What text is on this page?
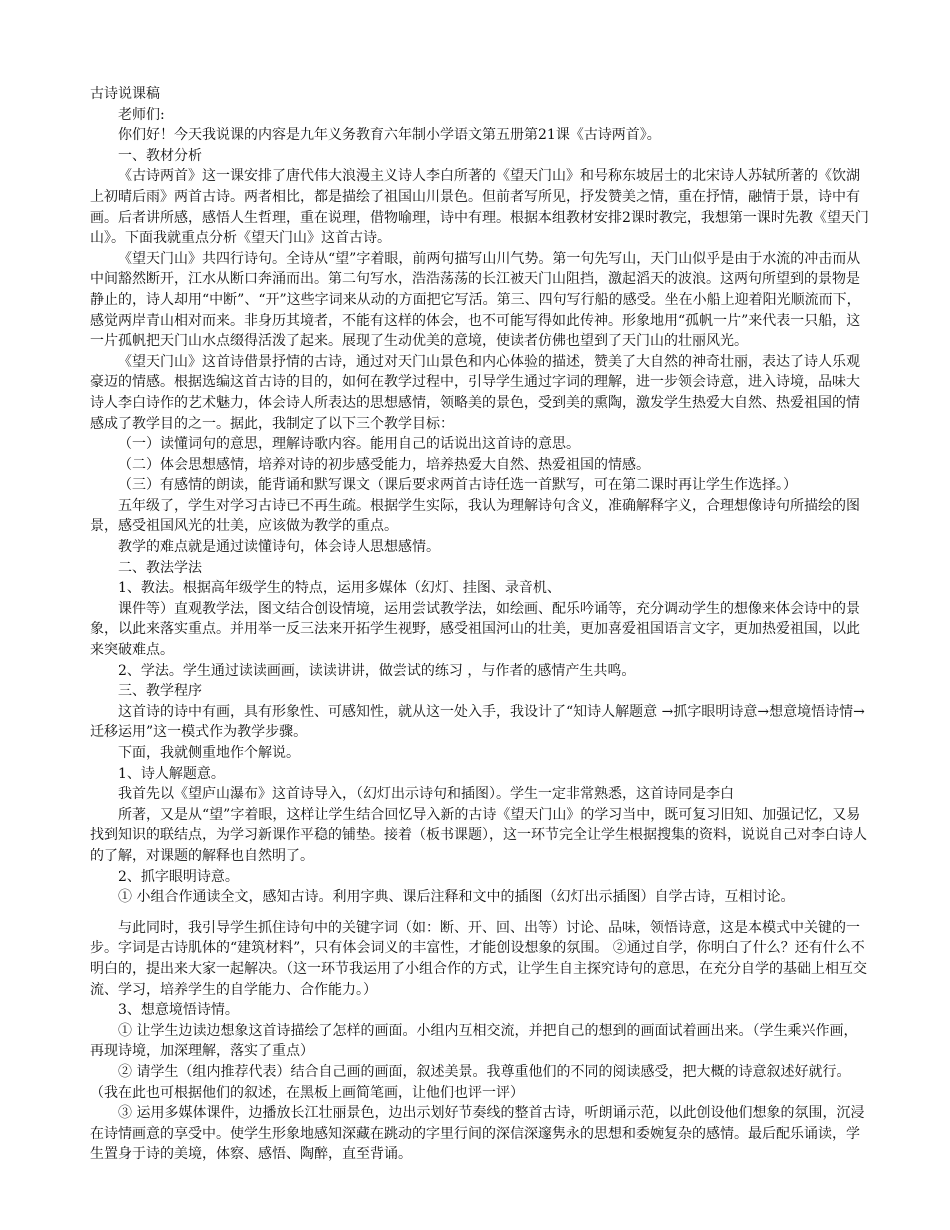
古诗说课稿

老师们:

你们好！今天我说课的内容是九年义务教育六年制小学语文第五册第21课《古诗两首》。

一、教材分析

《古诗两首》这一课安排了唐代伟大浪漫主义诗人李白所著的《望天门山》和号称东坡居士的北宋诗人苏轼所著的《饮湖上初晴后雨》两首古诗。两者相比，都是描绘了祖国山川景色。但前者写所见，抒发赞美之情，重在抒情，融情于景，诗中有画。后者讲所感，感悟人生哲理，重在说理，借物喻理，诗中有理。根据本组教材安排2课时教完，我想第一课时先教《望天门山》。下面我就重点分析《望天门山》这首古诗。

《望天门山》共四行诗句。全诗从“望”字着眼，前两句描写山川气势。第一句先写山，天门山似乎是由于水流的冲击而从中间豁然断开，江水从断口奔涌而出。第二句写水，浩浩荡荡的长江被天门山阻挡，激起滔天的波浪。这两句所望到的景物是静止的，诗人却用“中断”、“开”这些字词来从动的方面把它写活。第三、四句写行船的感受。坐在小船上迎着阳光顺流而下，感觉两岸青山相对而来。非身历其境者，不能有这样的体会，也不可能写得如此传神。形象地用“孤帆一片”来代表一只船，这一片孤帆把天门山水点缀得活泼了起来。展现了生动优美的意境，使读者仿佛也望到了天门山的壮丽风光。

《望天门山》这首诗借景抒情的古诗，通过对天门山景色和内心体验的描述，赞美了大自然的神奇壮丽，表达了诗人乐观豪迈的情感。根据选编这首古诗的目的，如何在教学过程中，引导学生通过字词的理解，进一步领会诗意，进入诗境，品味大诗人李白诗作的艺术魅力，体会诗人所表达的思想感情，领略美的景色，受到美的熏陶，激发学生热爱大自然、热爱祖国的情感成了教学目的之一。据此，我制定了以下三个教学目标：

（一）读懂词句的意思，理解诗歌内容。能用自己的话说出这首诗的意思。

（二）体会思想感情，培养对诗的初步感受能力，培养热爱大自然、热爱祖国的情感。

（三）有感情的朗读，能背诵和默写课文（课后要求两首古诗任选一首默写，可在第二课时再让学生作选择。）

五年级了，学生对学习古诗已不再生疏。根据学生实际，我认为理解诗句含义，准确解释字义，合理想像诗句所描绘的图景，感受祖国风光的壮美，应该做为教学的重点。

教学的难点就是通过读懂诗句，体会诗人思想感情。

二、教法学法

1、教法。根据高年级学生的特点，运用多媒体（幻灯、挂图、录音机、

课件等）直观教学法，图文结合创设情境，运用尝试教学法，如绘画、配乐吟诵等，充分调动学生的想像来体会诗中的景象，以此来落实重点。并用举一反三法来开拓学生视野，感受祖国河山的壮美，更加喜爱祖国语言文字，更加热爱祖国，以此来突破难点。

2、学法。学生通过读读画画，读读讲讲，做尝试的练习 ，与作者的感情产生共鸣。

三、教学程序

这首诗的诗中有画，具有形象性、可感知性，就从这一处入手，我设计了“知诗人解题意 →抓字眼明诗意→想意境悟诗情→迁移运用”这一模式作为教学步骤。

下面，我就侧重地作个解说。

1、诗人解题意。

我首先以《望庐山瀑布》这首诗导入，（幻灯出示诗句和插图）。学生一定非常熟悉，这首诗同是李白

所著，又是从“望”字着眼，这样让学生结合回忆导入新的古诗《望天门山》的学习当中，既可复习旧知、加强记忆，又易找到知识的联结点，为学习新课作平稳的铺垫。接着（板书课题），这一环节完全让学生根据搜集的资料，说说自己对李白诗人的了解，对课题的解释也自然明了。

2、抓字眼明诗意。

① 小组合作通读全文，感知古诗。利用字典、课后注释和文中的插图（幻灯出示插图）自学古诗，互相讨论。

与此同时，我引导学生抓住诗句中的关键字词（如：断、开、回、出等）讨论、品味，领悟诗意，这是本模式中关键的一步。字词是古诗肌体的“建筑材料”，只有体会词义的丰富性，才能创设想象的氛围。 ②通过自学，你明白了什么？还有什么不明白的，提出来大家一起解决。（这一环节我运用了小组合作的方式，让学生自主探究诗句的意思，在充分自学的基础上相互交流、学习，培养学生的自学能力、合作能力。）

3、想意境悟诗情。

① 让学生边读边想象这首诗描绘了怎样的画面。小组内互相交流，并把自己的想到的画面试着画出来。（学生乘兴作画，再现诗境，加深理解，落实了重点）

② 请学生（组内推荐代表）结合自己画的画面，叙述美景。我尊重他们的不同的阅读感受，把大概的诗意叙述好就行。（我在此也可根据他们的叙述，在黑板上画简笔画，让他们也评一评）

③ 运用多媒体课件，边播放长江壮丽景色，边出示划好节奏线的整首古诗，听朗诵示范，以此创设他们想象的氛围，沉浸在诗情画意的享受中。使学生形象地感知深藏在跳动的字里行间的深信深邃隽永的思想和委婉复杂的感情。最后配乐诵读，学生置身于诗的美境，体察、感悟、陶醉，直至背诵。
